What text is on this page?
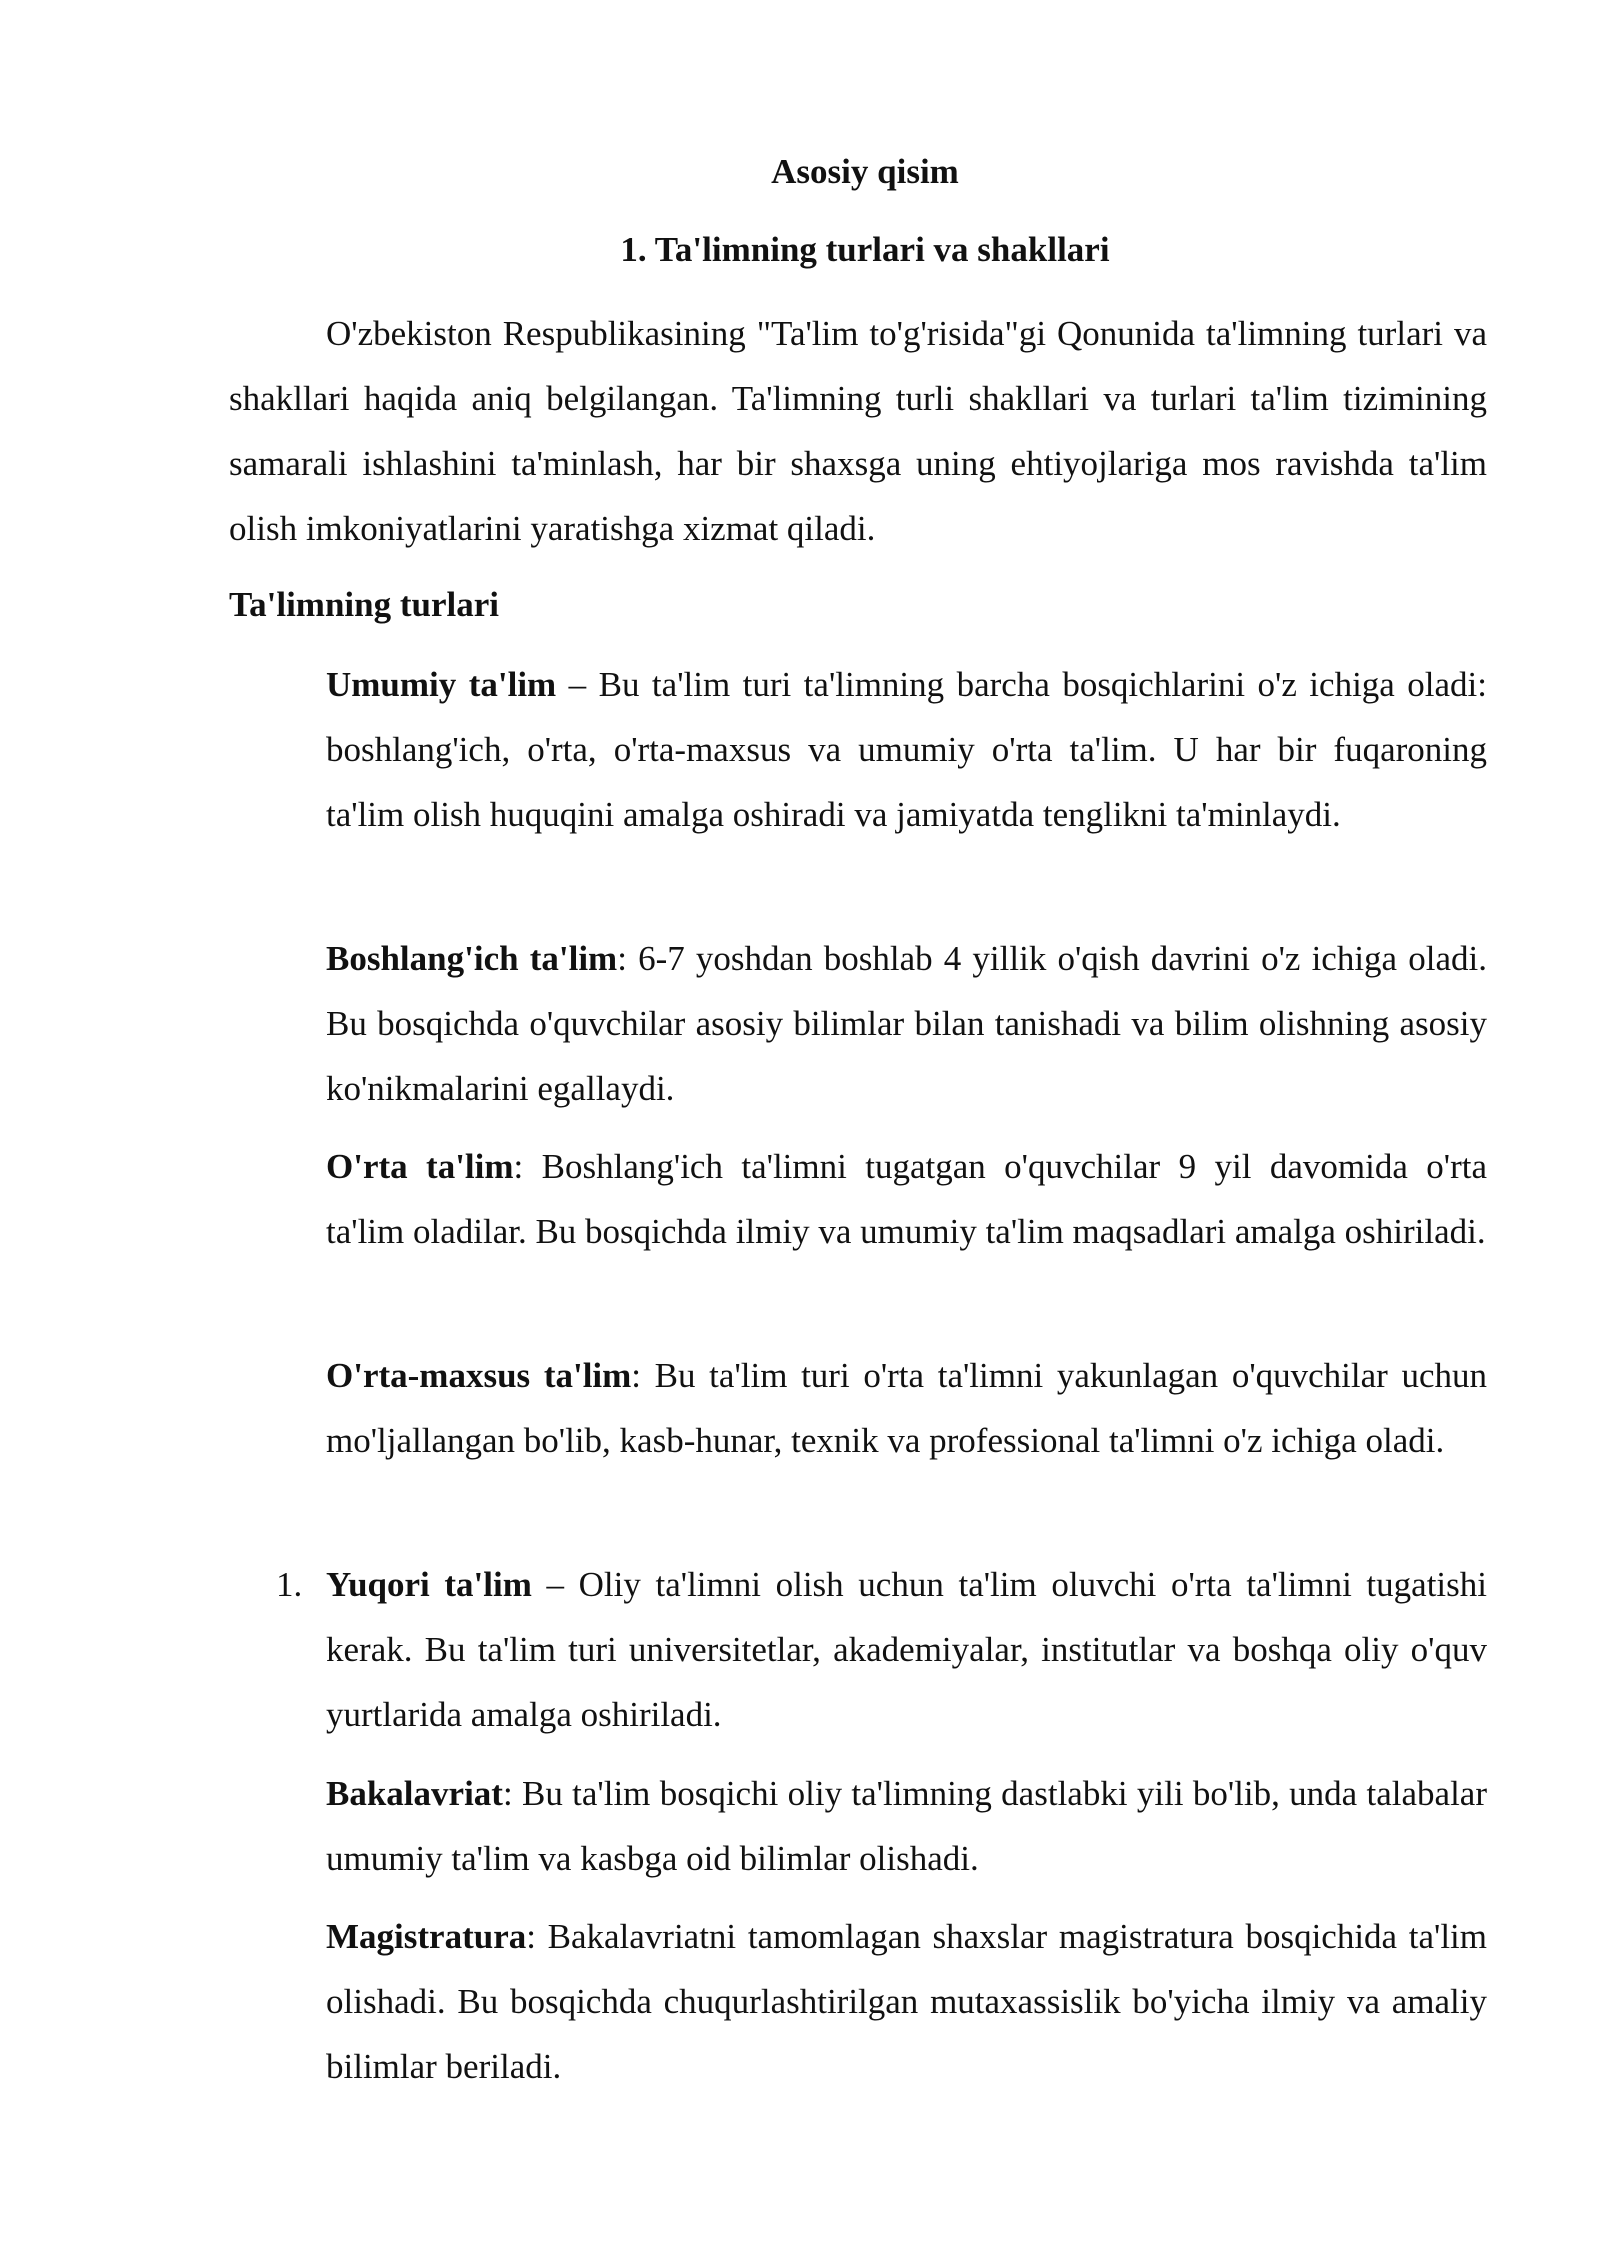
Asosiy qisim
1. Ta'limning turlari va shakllari

O'zbekiston Respublikasining "Ta'lim to'g'risida"gi Qonunida ta'limning turlari va shakllari haqida aniq belgilangan. Ta'limning turli shakllari va turlari ta'lim tizimining samarali ishlashini ta'minlash, har bir shaxsga uning ehtiyojlariga mos ravishda ta'lim olish imkoniyatlarini yaratishga xizmat qiladi.

Ta'limning turlari

Umumiy ta'lim – Bu ta'lim turi ta'limning barcha bosqichlarini o'z ichiga oladi: boshlang'ich, o'rta, o'rta-maxsus va umumiy o'rta ta'lim. U har bir fuqaroning ta'lim olish huquqini amalga oshiradi va jamiyatda tenglikni ta'minlaydi.

Boshlang'ich ta'lim: 6-7 yoshdan boshlab 4 yillik o'qish davrini o'z ichiga oladi. Bu bosqichda o'quvchilar asosiy bilimlar bilan tanishadi va bilim olishning asosiy ko'nikmalarini egallaydi.

O'rta ta'lim: Boshlang'ich ta'limni tugatgan o'quvchilar 9 yil davomida o'rta ta'lim oladilar. Bu bosqichda ilmiy va umumiy ta'lim maqsadlari amalga oshiriladi.

O'rta-maxsus ta'lim: Bu ta'lim turi o'rta ta'limni yakunlagan o'quvchilar uchun mo'ljallangan bo'lib, kasb-hunar, texnik va professional ta'limni o'z ichiga oladi.

1. Yuqori ta'lim – Oliy ta'limni olish uchun ta'lim oluvchi o'rta ta'limni tugatishi kerak. Bu ta'lim turi universitetlar, akademiyalar, institutlar va boshqa oliy o'quv yurtlarida amalga oshiriladi.

Bakalavriat: Bu ta'lim bosqichi oliy ta'limning dastlabki yili bo'lib, unda talabalar umumiy ta'lim va kasbga oid bilimlar olishadi.

Magistratura: Bakalavriatni tamomlagan shaxslar magistratura bosqichida ta'lim olishadi. Bu bosqichda chuqurlashtirilgan mutaxassislik bo'yicha ilmiy va amaliy bilimlar beriladi.
